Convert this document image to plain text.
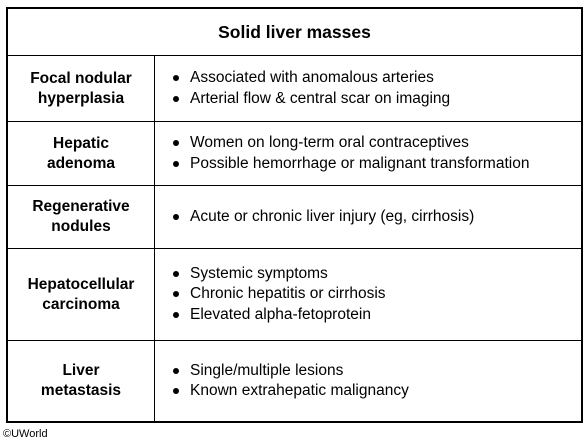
Solid liver masses
Focal nodular
hyperplasia
Associated with anomalous arteries
Arterial flow & central scar on imaging
Hepatic
adenoma
Women on long-term oral contraceptives
Possible hemorrhage or malignant transformation
Regenerative
nodules
Acute or chronic liver injury (eg, cirrhosis)
Hepatocellular
carcinoma
Systemic symptoms
Chronic hepatitis or cirrhosis
Elevated alpha-fetoprotein
Liver
metastasis
Single/multiple lesions
Known extrahepatic malignancy
©UWorld
